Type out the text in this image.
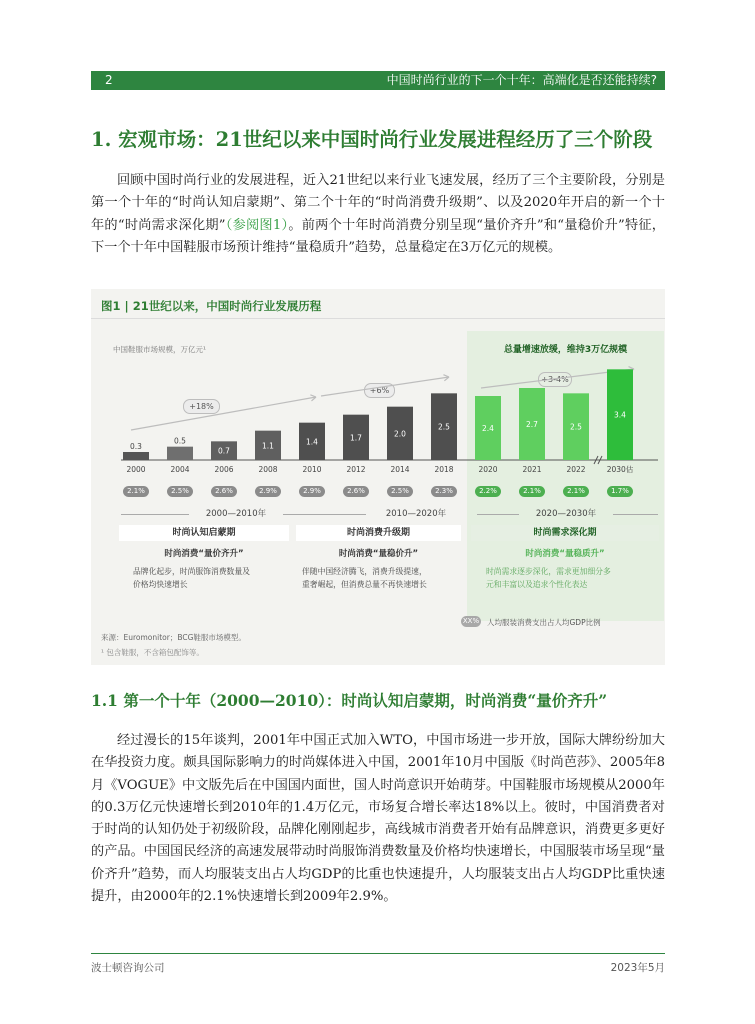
2	中国时尚行业的下一个十年：高端化是否还能持续?
1. 宏观市场：21世纪以来中国时尚行业发展进程经历了三个阶段
回顾中国时尚行业的发展进程，近入21世纪以来行业飞速发展，经历了三个主要阶段，分别是第一个十年的“时尚认知启蒙期”、第二个十年的“时尚消费升级期”、以及2020年开启的新一个十年的“时尚需求深化期”（参阅图1）。前两个十年时尚消费分别呈现“量价齐升”和“量稳价升”特征，下一个十年中国鞋服市场预计维持“量稳质升”趋势，总量稳定在3万亿元的规模。
图1 | 21世纪以来，中国时尚行业发展历程
总量增速放缓，维持3万亿规模
中国鞋服市场规模，万亿元¹
+18%
+6%
+3-4%
0.3
2000
0.5
2004
0.7
2006
1.1
2008
1.4
2010
1.7
2012
2.0
2014
2.5
2018
2.4
2020
2.7
2021
2.5
2022
3.4
2030估
2.1%	2.5%	2.6%	2.9%	2.9%	2.6%	2.5%	2.3%	2.2%	2.1%	2.1%	1.7%
2000—2010年	2010—2020年	2020—2030年
时尚认知启蒙期	时尚消费升级期	时尚需求深化期
时尚消费“量价齐升”	时尚消费“量稳价升”	时尚消费“量稳质升”
品牌化起步，时尚服饰消费数量及
价格均快速增长
伴随中国经济腾飞，消费升级提速，
重奢崛起，但消费总量不再快速增长
时尚需求逐步深化，需求更加细分多
元和丰富以及追求个性化表达
XX% 人均服装消费支出占人均GDP比例
来源：Euromonitor；BCG鞋服市场模型。
¹ 包含鞋服，不含箱包配饰等。
1.1 第一个十年（2000—2010）：时尚认知启蒙期，时尚消费“量价齐升”
经过漫长的15年谈判，2001年中国正式加入WTO，中国市场进一步开放，国际大牌纷纷加大在华投资力度。颇具国际影响力的时尚媒体进入中国，2001年10月中国版《时尚芭莎》、2005年8月《VOGUE》中文版先后在中国国内面世，国人时尚意识开始萌芽。中国鞋服市场规模从2000年的0.3万亿元快速增长到2010年的1.4万亿元，市场复合增长率达18%以上。彼时，中国消费者对于时尚的认知仍处于初级阶段，品牌化刚刚起步，高线城市消费者开始有品牌意识，消费更多更好的产品。中国国民经济的高速发展带动时尚服饰消费数量及价格均快速增长，中国服装市场呈现“量价齐升”趋势，而人均服装支出占人均GDP的比重也快速提升，人均服装支出占人均GDP比重快速提升，由2000年的2.1%快速增长到2009年2.9%。
波士顿咨询公司	2023年5月
